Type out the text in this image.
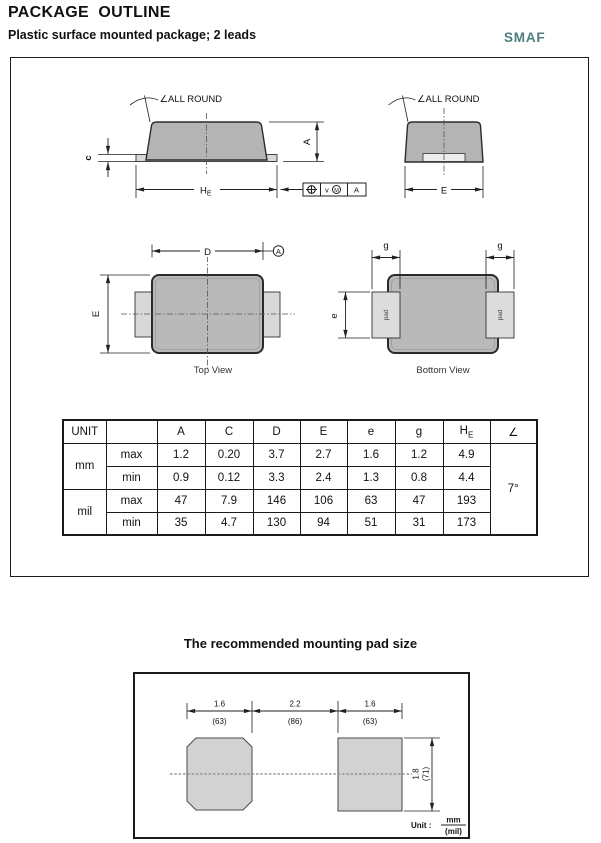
PACKAGE  OUTLINE
Plastic surface mounted package; 2 leads	SMAF
c
A
$H_E$	v M A
∠ALL ROUND
E
∠ALL ROUND
D	A
E
Top View
pad	pad
g	g
e
Bottom View
UNIT		A	C	D	E	e	g	$H_E$	∠
mm	max	1.2	0.20	3.7	2.7	1.6	1.2	4.9	7°
	min	0.9	0.12	3.3	2.4	1.3	0.8	4.4	
mil	max	47	7.9	146	106	63	47	193	
	min	35	4.7	130	94	51	31	173	
The recommended mounting pad size
1.6	2.2	1.6
(63)	(86)	(63)
1.8 (71)
Unit :
mm
(mil)
